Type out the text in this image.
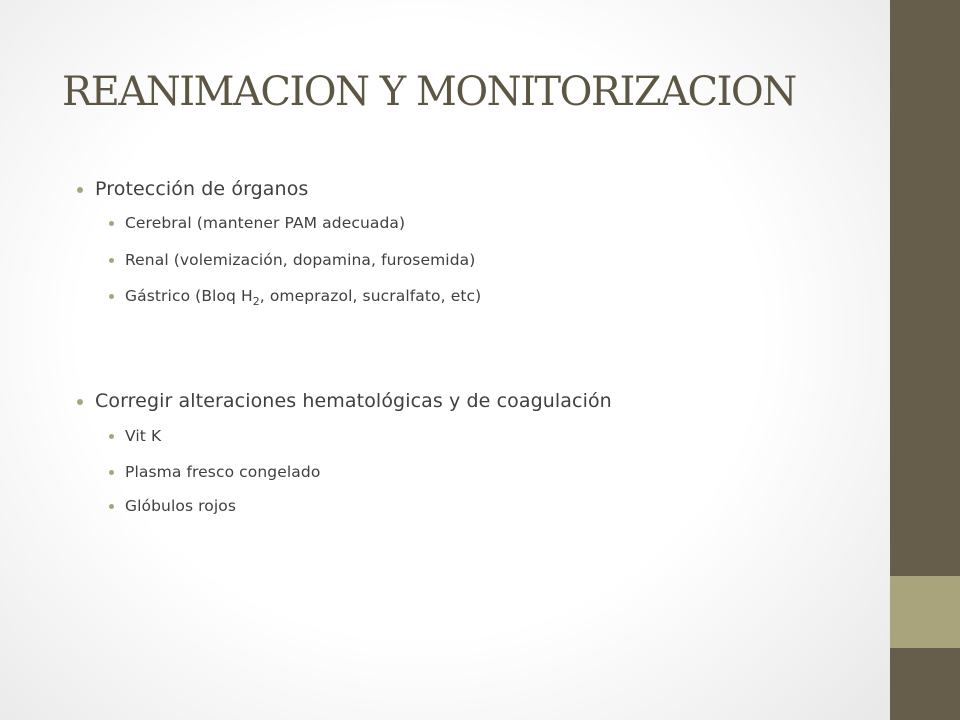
REANIMACION Y MONITORIZACION
Protección de órganos
Cerebral (mantener PAM adecuada)
Renal (volemización, dopamina, furosemida)
Gástrico (Bloq $H_2$, omeprazol, sucralfato, etc)
Corregir alteraciones hematológicas y de coagulación
Vit K
Plasma fresco congelado
Glóbulos rojos
